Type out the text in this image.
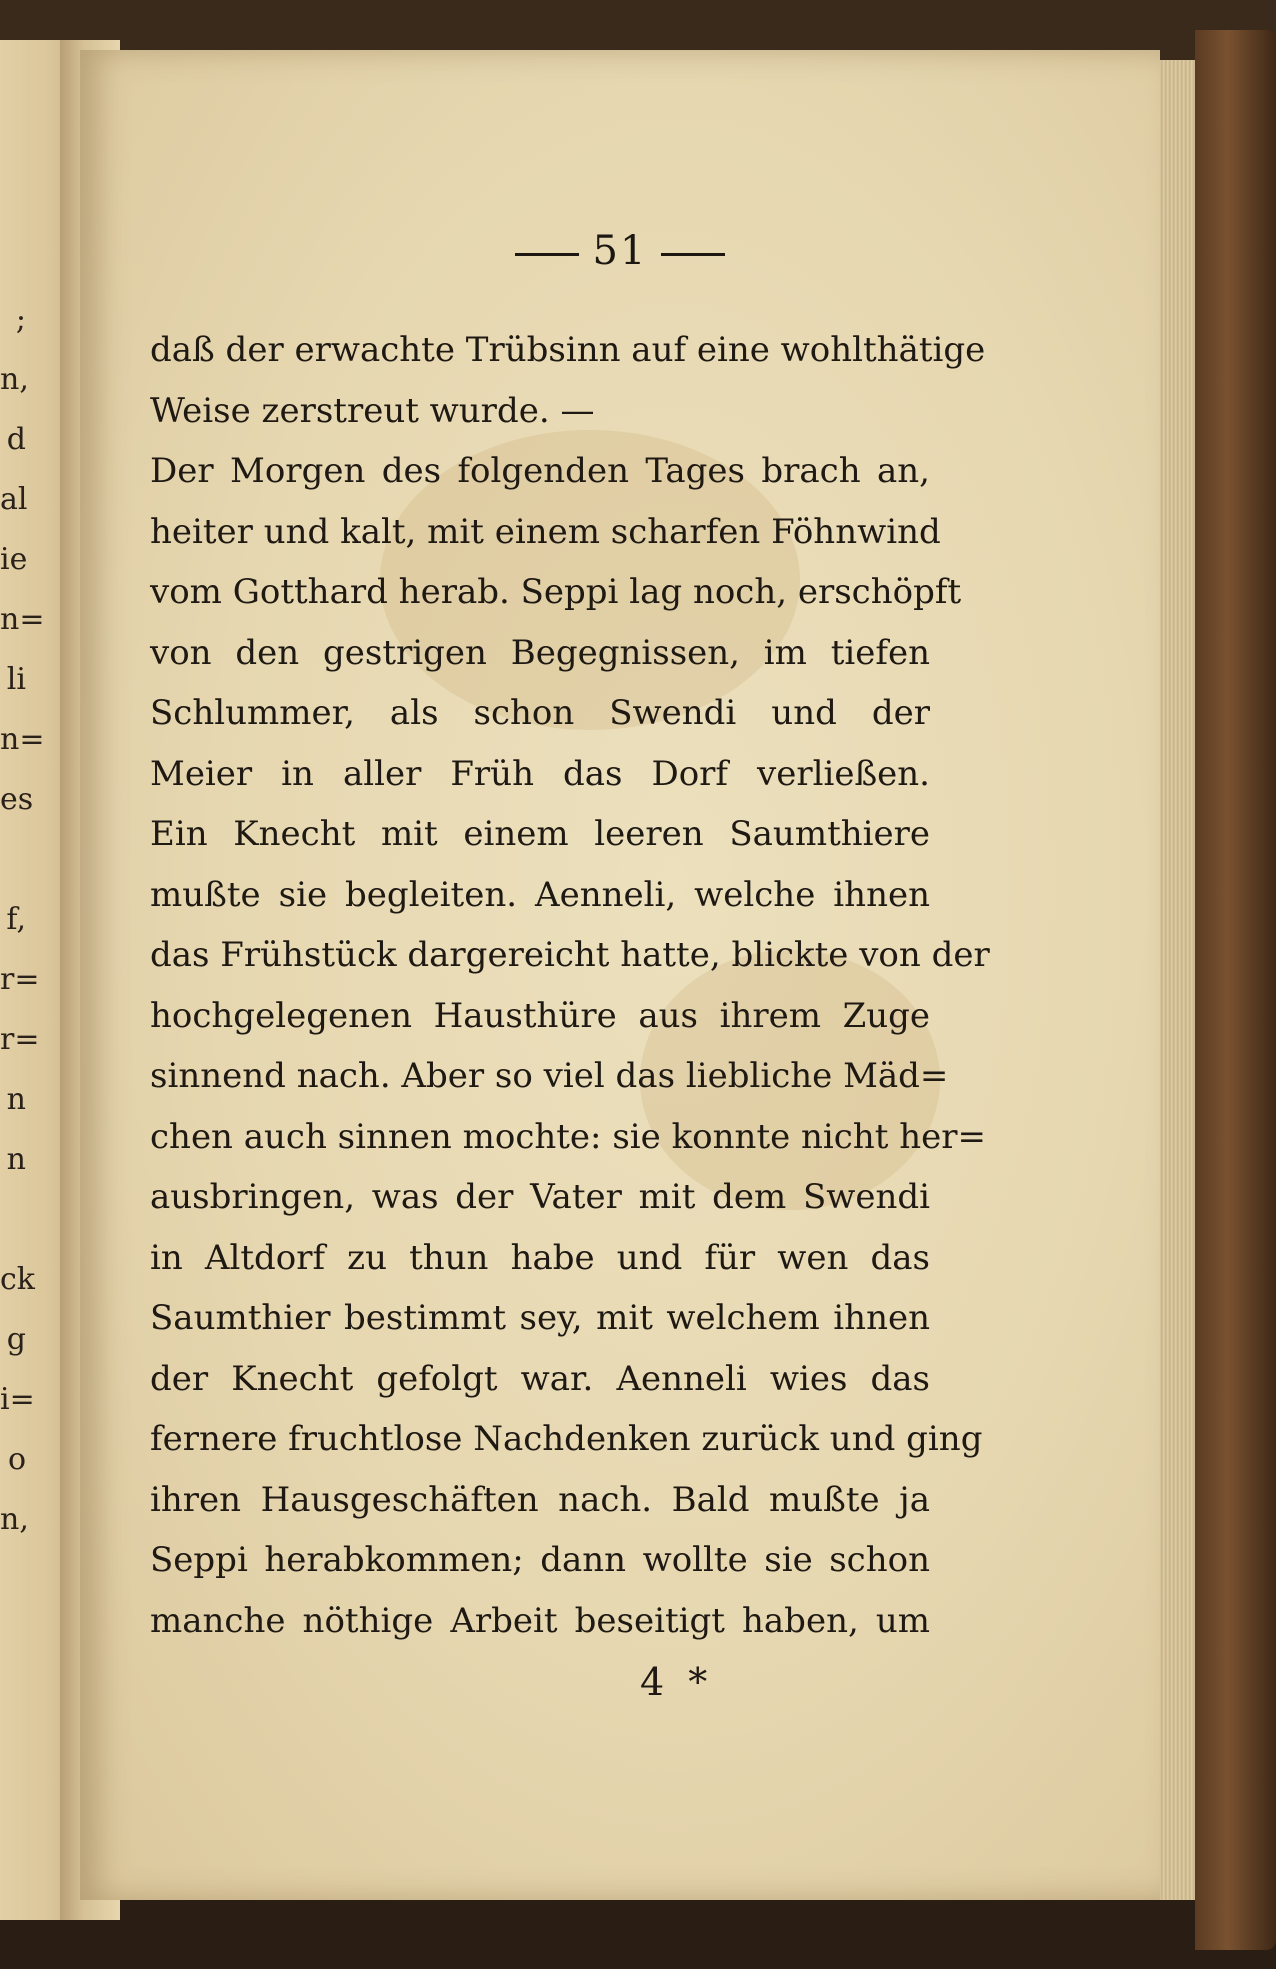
;
n,
d
al
ie
n=
li
n=
es
f,
r=
r=
n
n
ck
g
i=
o
n,
51
daß der erwachte Trübsinn auf eine wohlthätige
Weise zerstreut wurde. —
Der Morgen des folgenden Tages brach an,
heiter und kalt, mit einem scharfen Föhnwind
vom Gotthard herab. Seppi lag noch, erschöpft
von den gestrigen Begegnissen, im tiefen
Schlummer, als schon Swendi und der
Meier in aller Früh das Dorf verließen.
Ein Knecht mit einem leeren Saumthiere
mußte sie begleiten. Aenneli, welche ihnen
das Frühstück dargereicht hatte, blickte von der
hochgelegenen Hausthüre aus ihrem Zuge
sinnend nach. Aber so viel das liebliche Mäd=
chen auch sinnen mochte: sie konnte nicht her=
ausbringen, was der Vater mit dem Swendi
in Altdorf zu thun habe und für wen das
Saumthier bestimmt sey, mit welchem ihnen
der Knecht gefolgt war. Aenneli wies das
fernere fruchtlose Nachdenken zurück und ging
ihren Hausgeschäften nach. Bald mußte ja
Seppi herabkommen; dann wollte sie schon
manche nöthige Arbeit beseitigt haben, um
4 *
